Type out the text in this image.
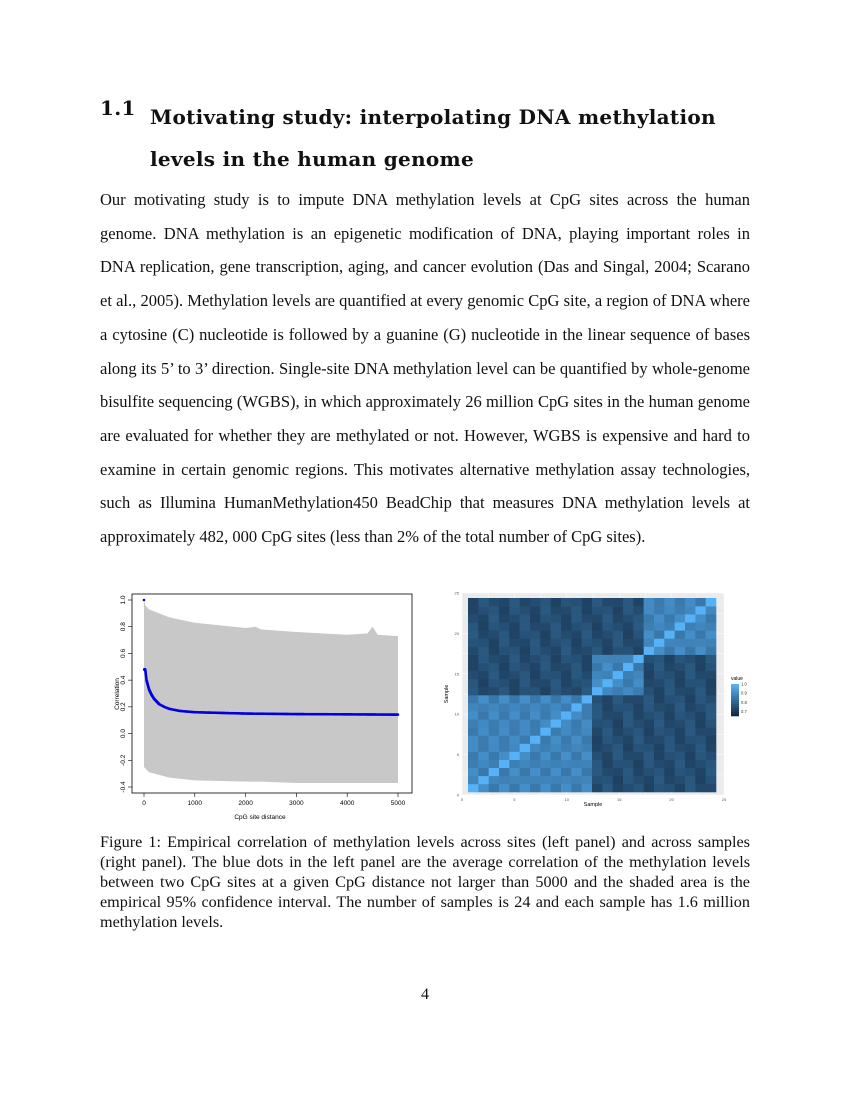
1.1 Motivating study: interpolating DNA methylation levels in the human genome
Our motivating study is to impute DNA methylation levels at CpG sites across the human genome. DNA methylation is an epigenetic modification of DNA, playing important roles in DNA replication, gene transcription, aging, and cancer evolution (Das and Singal, 2004; Scarano et al., 2005). Methylation levels are quantified at every genomic CpG site, a region of DNA where a cytosine (C) nucleotide is followed by a guanine (G) nucleotide in the linear sequence of bases along its 5’ to 3’ direction. Single-site DNA methylation level can be quantified by whole-genome bisulfite sequencing (WGBS), in which approximately 26 million CpG sites in the human genome are evaluated for whether they are methylated or not. However, WGBS is expensive and hard to examine in certain genomic regions. This motivates alternative methylation assay technologies, such as Illumina HumanMethylation450 BeadChip that measures DNA methylation levels at approximately 482, 000 CpG sites (less than 2% of the total number of CpG sites).
0	1000	2000	3000	4000	5000
-0.4
-0.2
0.0
0.2
0.4
0.6
0.8
1.0
CpG site distance
Correlation
0	5	10	15	20	25
0
5
10
15
20
25
Sample
Sample
value
1.0
0.9
0.8
0.7
Figure 1: Empirical correlation of methylation levels across sites (left panel) and across samples (right panel). The blue dots in the left panel are the average correlation of the methylation levels between two CpG sites at a given CpG distance not larger than 5000 and the shaded area is the empirical 95% confidence interval. The number of samples is 24 and each sample has 1.6 million methylation levels.
4
